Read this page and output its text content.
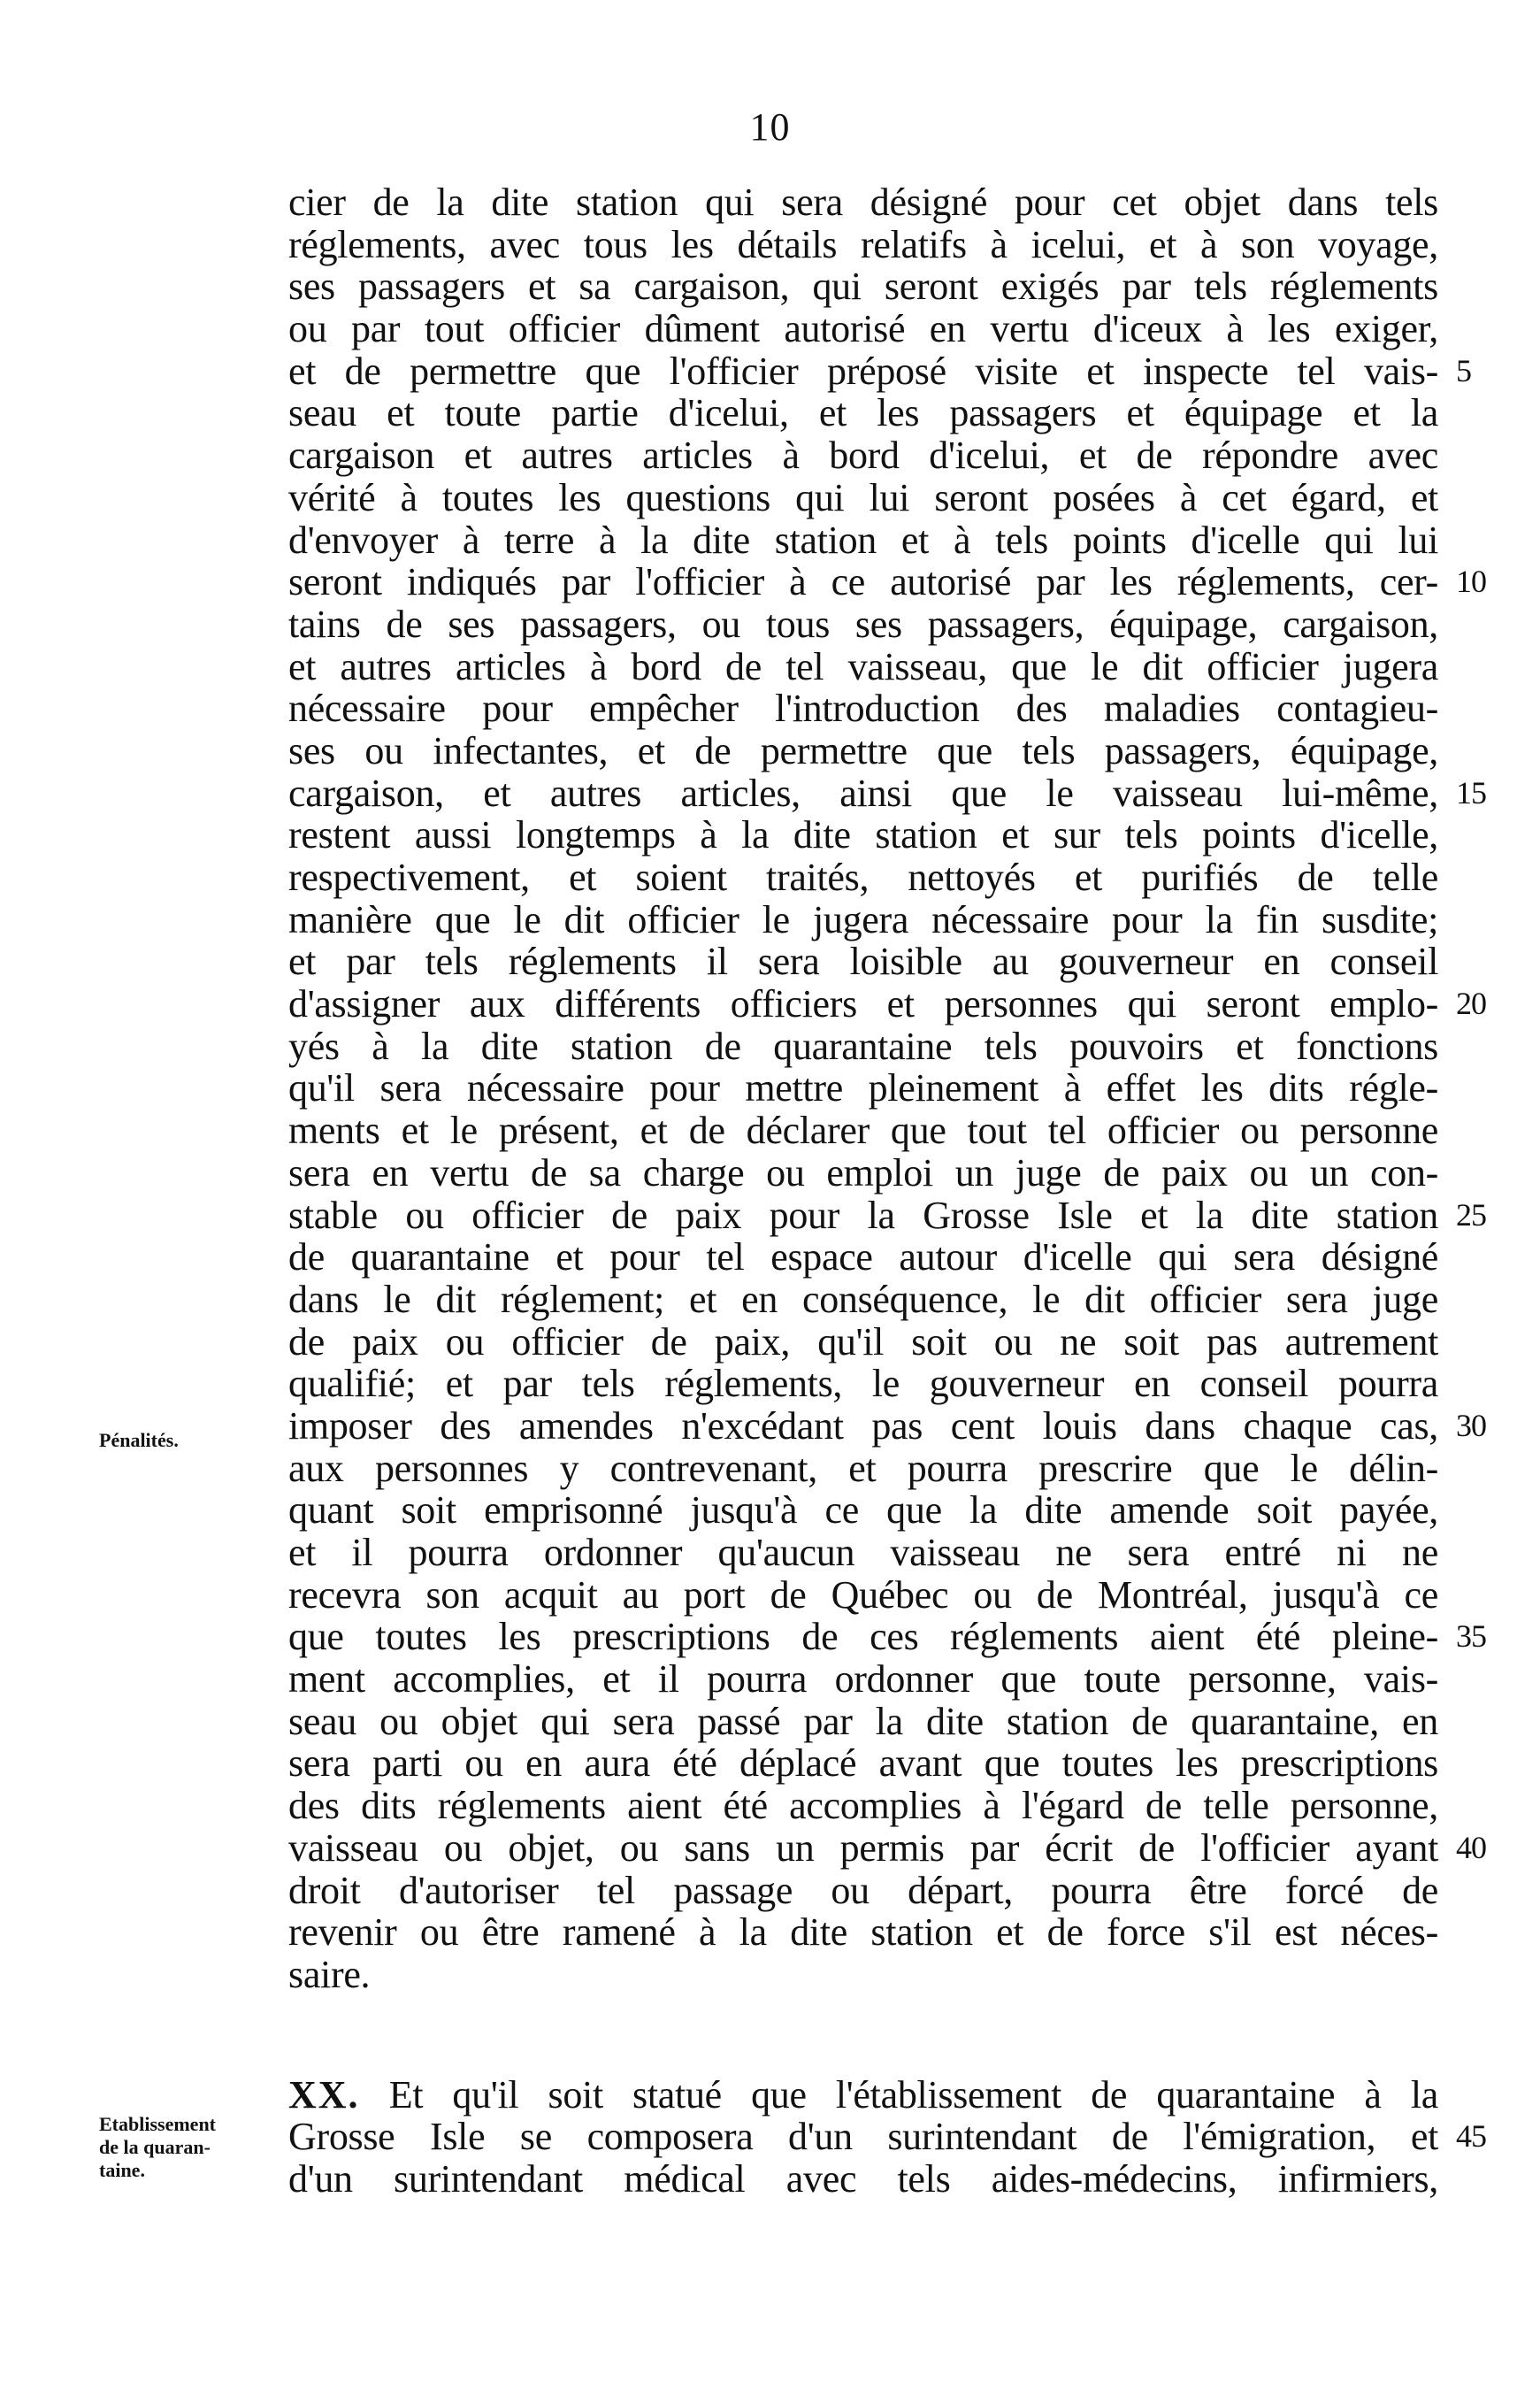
10
Pénalités.
Etablissement
de la quaran-
taine.
cier de la dite station qui sera désigné pour cet objet dans tels
réglements, avec tous les détails relatifs à icelui, et à son voyage,
ses passagers et sa cargaison, qui seront exigés par tels réglements
ou par tout officier dûment autorisé en vertu d'iceux à les exiger,
et de permettre que l'officier préposé visite et inspecte tel vais- 5
seau et toute partie d'icelui, et les passagers et équipage et la
cargaison et autres articles à bord d'icelui, et de répondre avec
vérité à toutes les questions qui lui seront posées à cet égard, et
d'envoyer à terre à la dite station et à tels points d'icelle qui lui
seront indiqués par l'officier à ce autorisé par les réglements, cer- 10
tains de ses passagers, ou tous ses passagers, équipage, cargaison,
et autres articles à bord de tel vaisseau, que le dit officier jugera
nécessaire pour empêcher l'introduction des maladies contagieu-
ses ou infectantes, et de permettre que tels passagers, équipage,
cargaison, et autres articles, ainsi que le vaisseau lui-même, 15
restent aussi longtemps à la dite station et sur tels points d'icelle,
respectivement, et soient traités, nettoyés et purifiés de telle
manière que le dit officier le jugera nécessaire pour la fin susdite;
et par tels réglements il sera loisible au gouverneur en conseil
d'assigner aux différents officiers et personnes qui seront emplo- 20
yés à la dite station de quarantaine tels pouvoirs et fonctions
qu'il sera nécessaire pour mettre pleinement à effet les dits régle-
ments et le présent, et de déclarer que tout tel officier ou personne
sera en vertu de sa charge ou emploi un juge de paix ou un con-
stable ou officier de paix pour la Grosse Isle et la dite station 25
de quarantaine et pour tel espace autour d'icelle qui sera désigné
dans le dit réglement; et en conséquence, le dit officier sera juge
de paix ou officier de paix, qu'il soit ou ne soit pas autrement
qualifié; et par tels réglements, le gouverneur en conseil pourra
imposer des amendes n'excédant pas cent louis dans chaque cas, 30
aux personnes y contrevenant, et pourra prescrire que le délin-
quant soit emprisonné jusqu'à ce que la dite amende soit payée,
et il pourra ordonner qu'aucun vaisseau ne sera entré ni ne
recevra son acquit au port de Québec ou de Montréal, jusqu'à ce
que toutes les prescriptions de ces réglements aient été pleine- 35
ment accomplies, et il pourra ordonner que toute personne, vais-
seau ou objet qui sera passé par la dite station de quarantaine, en
sera parti ou en aura été déplacé avant que toutes les prescriptions
des dits réglements aient été accomplies à l'égard de telle personne,
vaisseau ou objet, ou sans un permis par écrit de l'officier ayant 40
droit d'autoriser tel passage ou départ, pourra être forcé de
revenir ou être ramené à la dite station et de force s'il est néces-
saire.
XX. Et qu'il soit statué que l'établissement de quarantaine à la
Grosse Isle se composera d'un surintendant de l'émigration, et 45
d'un surintendant médical avec tels aides-médecins, infirmiers,
